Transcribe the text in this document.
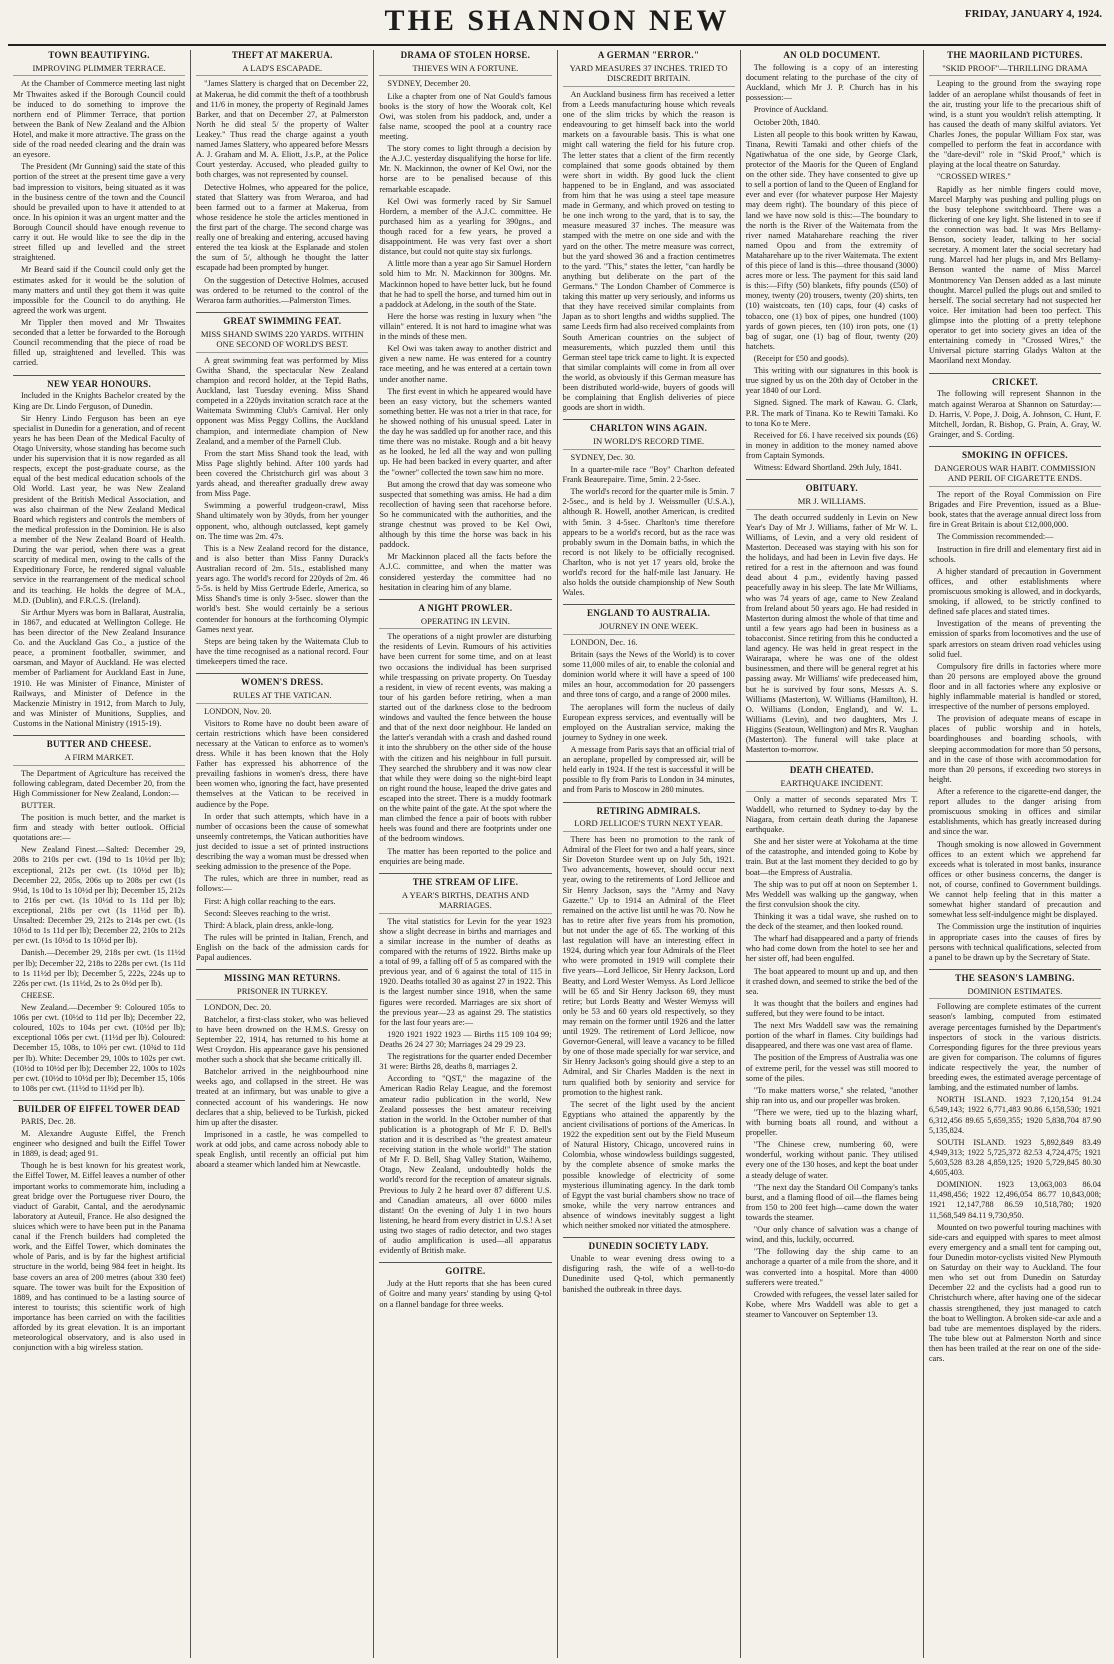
THE SHANNON NEW	FRIDAY, JANUARY 4, 1924.
TOWN BEAUTIFYING.
IMPROVING PLIMMER TERRACE.

At the Chamber of Commerce meeting last night Mr Thwaites asked if the Borough Council could be induced to do something to improve the northern end of Plimmer Terrace, that portion between the Bank of New Zealand and the Albion Hotel, and make it more attractive. The grass on the side of the road needed clearing and the drain was an eyesore.

The President (Mr Gunning) said the state of this portion of the street at the present time gave a very bad impression to visitors, being situated as it was in the business centre of the town and the Council should be prevailed upon to have it attended to at once. In his opinion it was an urgent matter and the Borough Council should have enough revenue to carry it out. He would like to see the dip in the street filled up and levelled and the street straightened.

Mr Beard said if the Council could only get the estimates asked for it would be the solution of many matters and until they got them it was quite impossible for the Council to do anything. He agreed the work was urgent.

Mr Tippler then moved and Mr Thwaites seconded that a letter be forwarded to the Borough Council recommending that the piece of road be filled up, straightened and levelled. This was carried.

NEW YEAR HONOURS.

Included in the Knights Bachelor created by the King are Dr. Lindo Ferguson, of Dunedin.

Sir Henry Lindo Ferguson has been an eye specialist in Dunedin for a generation, and of recent years he has been Dean of the Medical Faculty of Otago University, whose standing has become such under his supervision that it is now regarded as all respects, except the post-graduate course, as the equal of the best medical education schools of the Old World. Last year, he was New Zealand president of the British Medical Association, and was also chairman of the New Zealand Medical Board which registers and controls the members of the medical profession in the Dominion. He is also a member of the New Zealand Board of Health. During the war period, when there was a great scarcity of medical men, owing to the calls of the Expeditionary Force, he rendered signal valuable service in the rearrangement of the medical school and its teaching. He holds the degree of M.A., M.D. (Dublin), and F.R.C.S. (Ireland).

Sir Arthur Myers was born in Ballarat, Australia, in 1867, and educated at Wellington College. He has been director of the New Zealand Insurance Co. and the Auckland Gas Co., a justice of the peace, a prominent footballer, swimmer, and oarsman, and Mayor of Auckland. He was elected member of Parliament for Auckland East in June, 1910. He was Minister of Finance, Minister of Railways, and Minister of Defence in the Mackenzie Ministry in 1912, from March to July, and was Minister of Munitions, Supplies, and Customs in the National Ministry (1915-19).

BUTTER AND CHEESE.
A FIRM MARKET.

The Department of Agriculture has received the following cablegram, dated December 20, from the High Commissioner for New Zealand, London:—

BUTTER.

The position is much better, and the market is firm and steady with better outlook. Official quotations are:—

New Zealand Finest.—Salted: December 29, 208s to 210s per cwt. (19d to 1s 10½d per lb); exceptional, 212s per cwt. (1s 10½d per lb); December 22, 205s, 206s up to 208s per cwt (1s 9½d, 1s 10d to 1s 10½d per lb); December 15, 212s to 216s per cwt. (1s 10½d to 1s 11d per lb); exceptional, 218s per cwt (1s 11½d per lb). Unsalted: December 29, 212s to 214s per cwt. (1s 10½d to 1s 11d per lb); December 22, 210s to 212s per cwt. (1s 10½d to 1s 10½d per lb).

Danish.—December 29, 218s per cwt. (1s 11½d per lb); December 22, 218s to 228s per cwt. (1s 11d to 1s 11½d per lb); December 5, 222s, 224s up to 226s per cwt. (1s 11½d, 2s to 2s 0½d per lb).

CHEESE.

New Zealand.—December 9: Coloured 105s to 106s per cwt. (10½d to 11d per lb); December 22, coloured, 102s to 104s per cwt. (10½d per lb); exceptional 106s per cwt. (11½d per lb). Coloured: December 15, 108s, to 10½ per cwt. (10¾d to 11d per lb). White: December 29, 100s to 102s per cwt. (10½d to 10½d per lb); December 22, 100s to 102s per cwt. (10½d to 10½d per lb); December 15, 106s to 108s per cwt. (11½d to 11½d per lb).

BUILDER OF EIFFEL TOWER DEAD

PARIS, Dec. 28.

M. Alexandre Auguste Eiffel, the French engineer who designed and built the Eiffel Tower in 1889, is dead; aged 91.

Though he is best known for his greatest work, the Eiffel Tower, M. Eiffel leaves a number of other important works to commemorate him, including a great bridge over the Portuguese river Douro, the viaduct of Garabit, Cantal, and the aerodynamic laboratory at Auteuil, France. He also designed the sluices which were to have been put in the Panama canal if the French builders had completed the work, and the Eiffel Tower, which dominates the whole of Paris, and is by far the highest artificial structure in the world, being 984 feet in height. Its base covers an area of 200 metres (about 330 feet) square. The tower was built for the Exposition of 1889, and has continued to be a lasting source of interest to tourists; this scientific work of high importance has been carried on with the facilities afforded by its great elevation. It is an important meteorological observatory, and is also used in conjunction with a big wireless station.

THEFT AT MAKERUA.
A LAD'S ESCAPADE.

"James Slattery is charged that on December 22, at Makerua, he did commit the theft of a toothbrush and 11/6 in money, the property of Reginald James Barker, and that on December 27, at Palmerston North he did steal 5/ the property of Walter Leakey." Thus read the charge against a youth named James Slattery, who appeared before Messrs A. J. Graham and M. A. Eliott, J.s.P., at the Police Court yesterday. Accused, who pleaded guilty to both charges, was not represented by counsel.

Detective Holmes, who appeared for the police, stated that Slattery was from Weraroa, and had been farmed out to a farmer at Makerua, from whose residence he stole the articles mentioned in the first part of the charge. The second charge was really one of breaking and entering, accused having entered the tea kiosk at the Esplanade and stolen the sum of 5/, although he thought the latter escapade had been prompted by hunger.

On the suggestion of Detective Holmes, accused was ordered to be returned to the control of the Weraroa farm authorities.—Palmerston Times.

GREAT SWIMMING FEAT.
MISS SHAND SWIMS 220 YARDS. WITHIN ONE SECOND OF WORLD'S BEST.

A great swimming feat was performed by Miss Gwitha Shand, the spectacular New Zealand champion and record holder, at the Tepid Baths, Auckland, last Tuesday evening. Miss Shand competed in a 220yds invitation scratch race at the Waitemata Swimming Club's Carnival. Her only opponent was Miss Peggy Collins, the Auckland champion, and intermediate champion of New Zealand, and a member of the Parnell Club.

From the start Miss Shand took the lead, with Miss Page slightly behind. After 100 yards had been covered the Christchurch girl was about 3 yards ahead, and thereafter gradually drew away from Miss Page.

Swimming a powerful trudgeon-crawl, Miss Shand ultimately won by 30yds, from her younger opponent, who, although outclassed, kept gamely on. The time was 2m. 47s.

This is a New Zealand record for the distance, and is also better than Miss Fanny Durack's Australian record of 2m. 51s., established many years ago. The world's record for 220yds of 2m. 46 5-5s. is held by Miss Gertrude Ederle, America, so Miss Shand's time is only 3-5sec. slower than the world's best. She would certainly be a serious contender for honours at the forthcoming Olympic Games next year.

Steps are being taken by the Waitemata Club to have the time recognised as a national record. Four timekeepers timed the race.

WOMEN'S DRESS.
RULES AT THE VATICAN.

LONDON, Nov. 20.

Visitors to Rome have no doubt been aware of certain restrictions which have been considered necessary at the Vatican to enforce as to women's dress. While it has been known that the Holy Father has expressed his abhorrence of the prevailing fashions in women's dress, there have been women who, ignoring the fact, have presented themselves at the Vatican to be received in audience by the Pope.

In order that such attempts, which have in a number of occasions been the cause of somewhat unseemly contretemps, the Vatican authorities have just decided to issue a set of printed instructions describing the way a woman must be dressed when seeking admission to the presence of the Pope.

The rules, which are three in number, read as follows:—

First: A high collar reaching to the ears.

Second: Sleeves reaching to the wrist.

Third: A black, plain dress, ankle-long.

The rules will be printed in Italian, French, and English on the back of the admission cards for Papal audiences.

MISSING MAN RETURNS.
PRISONER IN TURKEY.

LONDON, Dec. 20.

Batchelor, a first-class stoker, who was believed to have been drowned on the H.M.S. Gressy on September 22, 1914, has returned to his home at West Croydon. His appearance gave his pensioned mother such a shock that she became critically ill.

Batchelor arrived in the neighbourhood nine weeks ago, and collapsed in the street. He was treated at an infirmary, but was unable to give a connected account of his wanderings. He now declares that a ship, believed to be Turkish, picked him up after the disaster.

Imprisoned in a castle, he was compelled to work at odd jobs, and came across nobody able to speak English, until recently an official put him aboard a steamer which landed him at Newcastle.

DRAMA OF STOLEN HORSE.
THIEVES WIN A FORTUNE.

SYDNEY, December 20.

Like a chapter from one of Nat Gould's famous books is the story of how the Woorak colt, Kel Owi, was stolen from his paddock, and, under a false name, scooped the pool at a country race meeting.

The story comes to light through a decision by the A.J.C. yesterday disqualifying the horse for life. Mr. N. Mackinnon, the owner of Kel Owi, nor the horse are to be penalised because of this remarkable escapade.

Kel Owi was formerly raced by Sir Samuel Hordern, a member of the A.J.C. committee. He purchased him as a yearling for 390gns., and though raced for a few years, he proved a disappointment. He was very fast over a short distance, but could not quite stay six furlongs.

A little more than a year ago Sir Samuel Hordern sold him to Mr. N. Mackinnon for 300gns. Mr. Mackinnon hoped to have better luck, but he found that he had to spell the horse, and turned him out in a paddock at Adelong, in the south of the State.

Here the horse was resting in luxury when "the villain" entered. It is not hard to imagine what was in the minds of these men.

Kel Owi was taken away to another district and given a new name. He was entered for a country race meeting, and he was entered at a certain town under another name.

The first event in which he appeared would have been an easy victory, but the schemers wanted something better. He was not a trier in that race, for he showed nothing of his unusual speed. Later in the day he was saddled up for another race, and this time there was no mistake. Rough and a bit heavy as he looked, he led all the way and won pulling up. He had been backed in every quarter, and after the "owner" collected the town saw him no more.

But among the crowd that day was someone who suspected that something was amiss. He had a dim recollection of having seen that racehorse before. So he communicated with the authorities, and the strange chestnut was proved to be Kel Owi, although by this time the horse was back in his paddock.

Mr Mackinnon placed all the facts before the A.J.C. committee, and when the matter was considered yesterday the committee had no hesitation in clearing him of any blame.

A NIGHT PROWLER.
OPERATING IN LEVIN.

The operations of a night prowler are disturbing the residents of Levin. Rumours of his activities have been current for some time, and on at least two occasions the individual has been surprised while trespassing on private property. On Tuesday a resident, in view of recent events, was making a tour of his garden before retiring, when a man started out of the darkness close to the bedroom windows and vaulted the fence between the house and that of the next door neighbour. He landed on the latter's verandah with a crash and dashed round it into the shrubbery on the other side of the house with the citizen and his neighbour in full pursuit. They searched the shrubbery and it was now clear that while they were doing so the night-bird leapt on right round the house, leaped the drive gates and escaped into the street. There is a muddy footmark on the white paint of the gate. At the spot where the man climbed the fence a pair of boots with rubber heels was found and there are footprints under one of the bedroom windows.

The matter has been reported to the police and enquiries are being made.

THE STREAM OF LIFE.
A YEAR'S BIRTHS, DEATHS AND MARRIAGES.

The vital statistics for Levin for the year 1923 show a slight decrease in births and marriages and a similar increase in the number of deaths as compared with the returns of 1922. Births make up a total of 99, a falling off of 5 as compared with the previous year, and of 6 against the total of 115 in 1920. Deaths totalled 30 as against 27 in 1922. This is the largest number since 1918, when the same figures were recorded. Marriages are six short of the previous year—23 as against 29. The statistics for the last four years are:—

1920 1921 1922 1923 — Births 115 109 104 99; Deaths 26 24 27 30; Marriages 24 29 29 23.

The registrations for the quarter ended December 31 were: Births 28, deaths 8, marriages 2.

According to "QST," the magazine of the American Radio Relay League, and the foremost amateur radio publication in the world, New Zealand possesses the best amateur receiving station in the world. In the October number of that publication is a photograph of Mr F. D. Bell's station and it is described as "the greatest amateur receiving station in the whole world!" The station of Mr F. D. Bell, Shag Valley Station, Waihemo, Otago, New Zealand, undoubtedly holds the world's record for the reception of amateur signals. Previous to July 2 he heard over 87 different U.S. and Canadian amateurs, all over 6000 miles distant! On the evening of July 1 in two hours listening, he heard from every district in U.S.! A set using two stages of radio detector, and two stages of audio amplification is used—all apparatus evidently of British make.

GOITRE.

Judy at the Hutt reports that she has been cured of Goitre and many years' standing by using Q-tol on a flannel bandage for three weeks.

A GERMAN "ERROR."
YARD MEASURES 37 INCHES. TRIED TO DISCREDIT BRITAIN.

An Auckland business firm has received a letter from a Leeds manufacturing house which reveals one of the slim tricks by which the reason is endeavouring to get himself back into the world markets on a favourable basis. This is what one might call watering the field for his future crop. The letter states that a client of the firm recently complained that some goods obtained by them were short in width. By good luck the client happened to be in England, and was associated from him that he was using a steel tape measure made in Germany, and which proved on testing to be one inch wrong to the yard, that is to say, the measure measured 37 inches. The measure was stamped with the metre on one side and with the yard on the other. The metre measure was correct, but the yard showed 36 and a fraction centimetres to the yard. "This," states the letter, "can hardly be anything but deliberate on the part of the Germans." The London Chamber of Commerce is taking this matter up very seriously, and informs us that they have received similar complaints from Japan as to short lengths and widths supplied. The same Leeds firm had also received complaints from South American countries on the subject of measurements, which puzzled them until this German steel tape trick came to light. It is expected that similar complaints will come in from all over the world, as obviously if this German measure has been distributed world-wide, buyers of goods will be complaining that English deliveries of piece goods are short in width.

CHARLTON WINS AGAIN.
IN WORLD'S RECORD TIME.

SYDNEY, Dec. 30.

In a quarter-mile race "Boy" Charlton defeated Frank Beaurepaire. Time, 5min. 2 2-5sec.

The world's record for the quarter mile is 5min. 7 2-5sec., and is held by J. Weissmuller (U.S.A.), although R. Howell, another American, is credited with 5min. 3 4-5sec. Charlton's time therefore appears to be a world's record, but as the race was probably swum in the Domain baths, in which the record is not likely to be officially recognised. Charlton, who is not yet 17 years old, broke the world's record for the half-mile last January. He also holds the outside championship of New South Wales.

ENGLAND TO AUSTRALIA.
JOURNEY IN ONE WEEK.

LONDON, Dec. 16.

Britain (says the News of the World) is to cover some 11,000 miles of air, to enable the colonial and dominion world where it will have a speed of 100 miles an hour, accommodation for 20 passengers and three tons of cargo, and a range of 2000 miles.

The aeroplanes will form the nucleus of daily European express services, and eventually will be employed on the Australian service, making the journey to Sydney in one week.

A message from Paris says that an official trial of an aeroplane, propelled by compressed air, will be held early in 1924. If the test is successful it will be possible to fly from Paris to London in 34 minutes, and from Paris to Moscow in 280 minutes.

RETIRING ADMIRALS.
LORD JELLICOE'S TURN NEXT YEAR.

There has been no promotion to the rank of Admiral of the Fleet for two and a half years, since Sir Doveton Sturdee went up on July 5th, 1921. Two advancements, however, should occur next year, owing to the retirements of Lord Jellicoe and Sir Henry Jackson, says the "Army and Navy Gazette." Up to 1914 an Admiral of the Fleet remained on the active list until he was 70. Now he has to retire after five years from his promotion, but not under the age of 65. The working of this last regulation will have an interesting effect in 1924, during which year four Admirals of the Fleet who were promoted in 1919 will complete their five years—Lord Jellicoe, Sir Henry Jackson, Lord Beatty, and Lord Wester Wemyss. As Lord Jellicoe will be 65 and Sir Henry Jackson 69, they must retire; but Lords Beatty and Wester Wemyss will only be 53 and 60 years old respectively, so they may remain on the former until 1926 and the latter until 1929. The retirement of Lord Jellicoe, now Governor-General, will leave a vacancy to be filled by one of those made specially for war service, and Sir Henry Jackson's going should give a step to an Admiral, and Sir Charles Madden is the next in turn qualified both by seniority and service for promotion to the highest rank.

The secret of the light used by the ancient Egyptians who attained the apparently by the ancient civilisations of portions of the Americas. In 1922 the expedition sent out by the Field Museum of Natural History, Chicago, uncovered ruins in Colombia, whose windowless buildings suggested, by the complete absence of smoke marks the possible knowledge of electricity of some mysterious illuminating agency. In the dark tomb of Egypt the vast burial chambers show no trace of smoke, while the very narrow entrances and absence of windows inevitably suggest a light which neither smoked nor vitiated the atmosphere.

DUNEDIN SOCIETY LADY.

Unable to wear evening dress owing to a disfiguring rash, the wife of a well-to-do Dunedinite used Q-tol, which permanently banished the outbreak in three days.

AN OLD DOCUMENT.

The following is a copy of an interesting document relating to the purchase of the city of Auckland, which Mr J. P. Church has in his possession:—

Province of Auckland.

October 20th, 1840.

Listen all people to this book written by Kawau, Tinana, Rewiti Tamaki and other chiefs of the Ngatiwhatua of the one side, by George Clark, protector of the Maoris for the Queen of England on the other side. They have consented to give up to sell a portion of land to the Queen of England for ever and ever (for whatever purpose Her Majesty may deem right). The boundary of this piece of land we have now sold is this:—The boundary to the north is the River of the Waitemata from the river named Mataharehare reaching the river named Opou and from the extremity of Mataharehare up to the river Waitemata. The extent of this piece of land is this—three thousand (3000) acres more or less. The payment for this said land is this:—Fifty (50) blankets, fifty pounds (£50) of money, twenty (20) trousers, twenty (20) shirts, ten (10) waistcoats, ten (10) caps, four (4) casks of tobacco, one (1) box of pipes, one hundred (100) yards of gown pieces, ten (10) iron pots, one (1) bag of sugar, one (1) bag of flour, twenty (20) hatchets.

(Receipt for £50 and goods).

This writing with our signatures in this book is true signed by us on the 20th day of October in the year 1840 of our Lord.

Signed. Signed. The mark of Kawau. G. Clark, P.R. The mark of Tinana. Ko te Rewiti Tamaki. Ko to tona Ko te Mere.

Received for £6. I have received six pounds (£6) in money in addition to the money named above from Captain Symonds.

Witness: Edward Shortland. 29th July, 1841.

OBITUARY.
MR J. WILLIAMS.

The death occurred suddenly in Levin on New Year's Day of Mr J. Williams, father of Mr W. L. Williams, of Levin, and a very old resident of Masterton. Deceased was staying with his son for the holidays, and had been in Levin five days. He retired for a rest in the afternoon and was found dead about 4 p.m., evidently having passed peacefully away in his sleep. The late Mr Williams, who was 74 years of age, came to New Zealand from Ireland about 50 years ago. He had resided in Masterton during almost the whole of that time and until a few years ago had been in business as a tobacconist. Since retiring from this he conducted a land agency. He was held in great respect in the Wairarapa, where he was one of the oldest businessmen, and there will be general regret at his passing away. Mr Williams' wife predeceased him, but he is survived by four sons, Messrs A. S. Williams (Masterton), W. Williams (Hamilton), H. O. Williams (London, England), and W. L. Williams (Levin), and two daughters, Mrs J. Higgins (Seatoun, Wellington) and Mrs R. Vaughan (Masterton). The funeral will take place at Masterton to-morrow.

DEATH CHEATED.
EARTHQUAKE INCIDENT.

Only a matter of seconds separated Mrs T. Waddell, who returned to Sydney to-day by the Niagara, from certain death during the Japanese earthquake.

She and her sister were at Yokohama at the time of the catastrophe, and intended going to Kobe by train. But at the last moment they decided to go by boat—the Empress of Australia.

The ship was to put off at noon on September 1. Mrs Weddell was walking up the gangway, when the first convulsion shook the city.

Thinking it was a tidal wave, she rushed on to the deck of the steamer, and then looked round.

The wharf had disappeared and a party of friends who had come down from the hotel to see her and her sister off, had been engulfed.

The boat appeared to mount up and up, and then it crashed down, and seemed to strike the bed of the sea.

It was thought that the boilers and engines had suffered, but they were found to be intact.

The next Mrs Waddell saw was the remaining portion of the wharf in flames. City buildings had disappeared, and there was one vast area of flame.

The position of the Empress of Australia was one of extreme peril, for the vessel was still moored to some of the piles.

"To make matters worse," she related, "another ship ran into us, and our propeller was broken.

"There we were, tied up to the blazing wharf, with burning boats all round, and without a propeller.

"The Chinese crew, numbering 60, were wonderful, working without panic. They utilised every one of the 130 hoses, and kept the boat under a steady deluge of water.

"The next day the Standard Oil Company's tanks burst, and a flaming flood of oil—the flames being from 150 to 200 feet high—came down the water towards the steamer.

"Our only chance of salvation was a change of wind, and this, luckily, occurred.

"The following day the ship came to an anchorage a quarter of a mile from the shore, and it was converted into a hospital. More than 4000 sufferers were treated."

Crowded with refugees, the vessel later sailed for Kobe, where Mrs Waddell was able to get a steamer to Vancouver on September 13.

THE MAORILAND PICTURES.
"SKID PROOF"—THRILLING DRAMA

Leaping to the ground from the swaying rope ladder of an aeroplane whilst thousands of feet in the air, trusting your life to the precarious shift of wind, is a stunt you wouldn't relish attempting. It has caused the death of many skilful aviators. Yet Charles Jones, the popular William Fox star, was compelled to perform the feat in accordance with the "dare-devil" role in "Skid Proof," which is playing at the local theatre on Saturday.

"CROSSED WIRES."

Rapidly as her nimble fingers could move, Marcel Marphy was pushing and pulling plugs on the busy telephone switchboard. There was a flickering of one key light. She listened in to see if the connection was bad. It was Mrs Bellamy-Benson, society leader, talking to her social secretary. A moment later the social secretary had rung. Marcel had her plugs in, and Mrs Bellamy-Benson wanted the name of Miss Marcel Montmorency Van Densen added as a last minute thought. Marcel pulled the plugs out and smiled to herself. The social secretary had not suspected her voice. Her imitation had been too perfect. This glimpse into the plotting of a pretty telephone operator to get into society gives an idea of the entertaining comedy in "Crossed Wires," the Universal picture starring Gladys Walton at the Maoriland next Monday.

CRICKET.

The following will represent Shannon in the match against Weraroa at Shannon on Saturday:—D. Harris, V. Pope, J. Doig, A. Johnson, C. Hunt, F. Mitchell, Jordan, R. Bishop, G. Prain, A. Gray, W. Grainger, and S. Cording.

SMOKING IN OFFICES.
DANGEROUS WAR HABIT. COMMISSION AND PERIL OF CIGARETTE ENDS.

The report of the Royal Commission on Fire Brigades and Fire Prevention, issued as a Blue-book, states that the average annual direct loss from fire in Great Britain is about £12,000,000.

The Commission recommended:—

Instruction in fire drill and elementary first aid in schools.

A higher standard of precaution in Government offices, and other establishments where promiscuous smoking is allowed, and in dockyards, smoking, if allowed, to be strictly confined to defined safe places and stated times.

Investigation of the means of preventing the emission of sparks from locomotives and the use of spark arrestors on steam driven road vehicles using solid fuel.

Compulsory fire drills in factories where more than 20 persons are employed above the ground floor and in all factories where any explosive or highly inflammable material is handled or stored, irrespective of the number of persons employed.

The provision of adequate means of escape in places of public worship and in hotels, boardinghouses and boarding schools, with sleeping accommodation for more than 50 persons, and in the case of those with accommodation for more than 20 persons, if exceeding two storeys in height.

After a reference to the cigarette-end danger, the report alludes to the danger arising from promiscuous smoking in offices and similar establishments, which has greatly increased during and since the war.

Though smoking is now allowed in Government offices to an extent which we apprehend far exceeds what is tolerated in most banks, insurance offices or other business concerns, the danger is not, of course, confined to Government buildings. We cannot help feeling that in this matter a somewhat higher standard of precaution and somewhat less self-indulgence might be displayed.

The Commission urge the institution of inquiries in appropriate cases into the causes of fires by persons with technical qualifications, selected from a panel to be drawn up by the Secretary of State.

THE SEASON'S LAMBING.
DOMINION ESTIMATES.

Following are complete estimates of the current season's lambing, computed from estimated average percentages furnished by the Department's inspectors of stock in the various districts. Corresponding figures for the three previous years are given for comparison. The columns of figures indicate respectively the year, the number of breeding ewes, the estimated average percentage of lambing, and the estimated number of lambs.

NORTH ISLAND. 1923 7,120,154 91.24 6,549,143; 1922 6,771,483 90.86 6,158,530; 1921 6,312,456 89.65 5,659,355; 1920 5,838,704 87.90 5,135,824.

SOUTH ISLAND. 1923 5,892,849 83.49 4,949,313; 1922 5,725,372 82.53 4,724,475; 1921 5,603,528 83.28 4,859,125; 1920 5,729,845 80.30 4,605,403.

DOMINION. 1923 13,063,003 86.04 11,498,456; 1922 12,496,054 86.77 10,843,008; 1921 12,147,788 86.59 10,518,780; 1920 11,568,549 84.11 9,730,950.

Mounted on two powerful touring machines with side-cars and equipped with spares to meet almost every emergency and a small tent for camping out, four Dunedin motor-cyclists visited New Plymouth on Saturday on their way to Auckland. The four men who set out from Dunedin on Saturday December 22 and the cyclists had a good run to Christchurch where, after having one of the sidecar chassis strengthened, they just managed to catch the boat to Wellington. A broken side-car axle and a bad tube are mementoes displayed by the riders. The tube blew out at Palmerston North and since then has been trailed at the rear on one of the side-cars.
